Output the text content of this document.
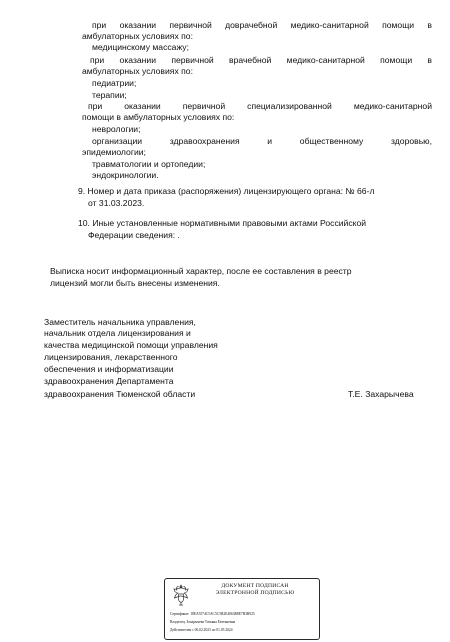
при оказании первичной доврачебной медико-санитарной помощи в
амбулаторных условиях по:
медицинскому массажу;
при оказании первичной врачебной медико-санитарной помощи в
амбулаторных условиях по:
педиатрии;
терапии;
при оказании первичной специализированной медико-санитарной
помощи в амбулаторных условиях по:
неврологии;
организации здравоохранения и общественному здоровью,
эпидемиологии;
травматологии и ортопедии;
эндокринологии.
9. Номер и дата приказа (распоряжения) лицензирующего органа: № 66-л
от 31.03.2023.
10. Иные установленные нормативными правовыми актами Российской
Федерации сведения: .
Выписка носит информационный характер, после ее составления в реестр
лицензий могли быть внесены изменения.
Заместитель начальника управления,
начальник отдела лицензирования и
качества медицинской помощи управления
лицензирования, лекарственного
обеспечения и информатизации
здравоохранения Департамента
здравоохранения Тюменской области	Т.Е. Захарычева
ДОКУМЕНТ ПОДПИСАН
ЭЛЕКТРОННОЙ ПОДПИСЬЮ
Сертификат: 18EA5574C5AC5C5B2E4063B8E7B3B925
Владелец: Захарычева Татьяна Евгеньевна
Действителен с 06.02.2023 по 01.05.2024
